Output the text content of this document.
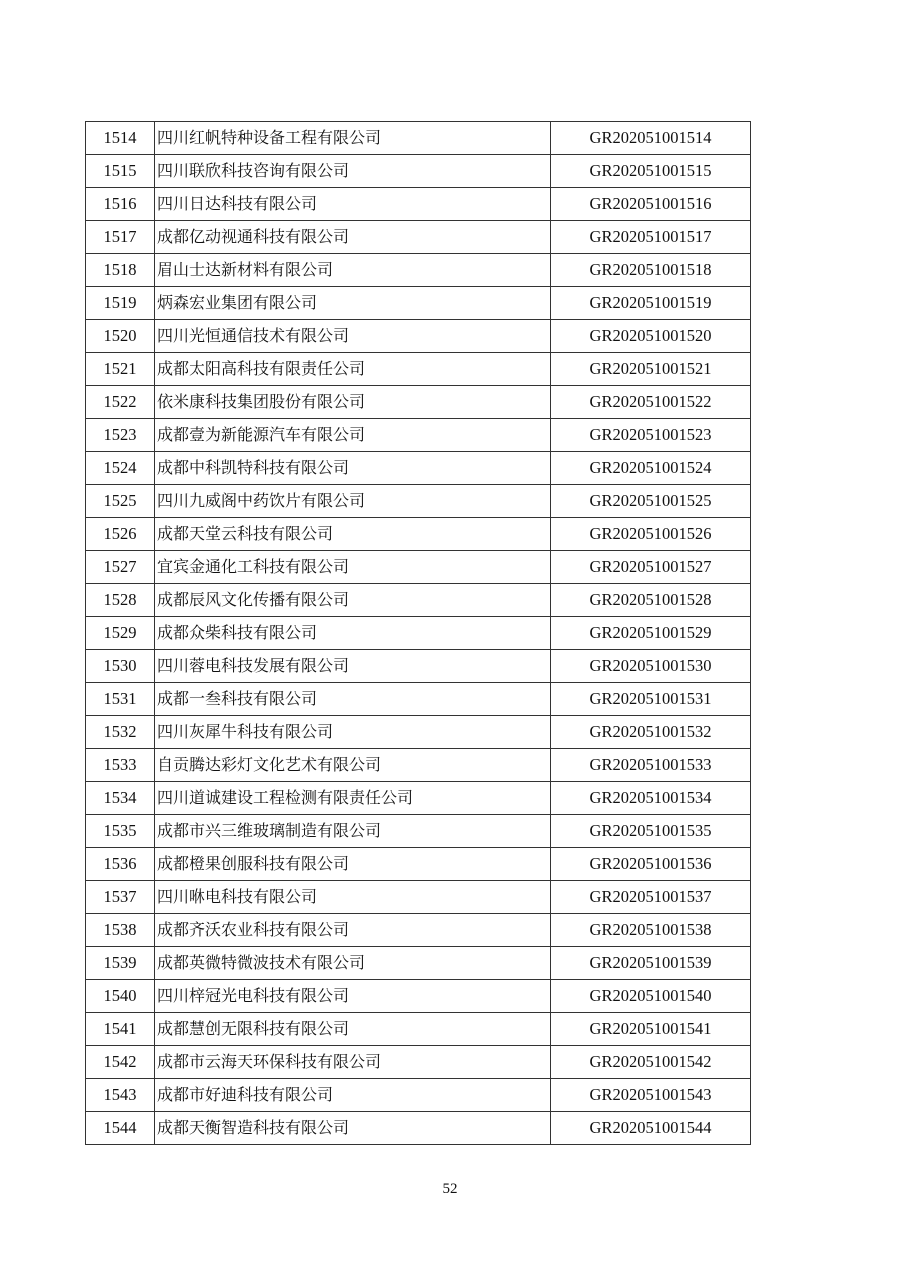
1514	四川红帆特种设备工程有限公司	GR202051001514
1515	四川联欣科技咨询有限公司	GR202051001515
1516	四川日达科技有限公司	GR202051001516
1517	成都亿动视通科技有限公司	GR202051001517
1518	眉山士达新材料有限公司	GR202051001518
1519	炳森宏业集团有限公司	GR202051001519
1520	四川光恒通信技术有限公司	GR202051001520
1521	成都太阳高科技有限责任公司	GR202051001521
1522	依米康科技集团股份有限公司	GR202051001522
1523	成都壹为新能源汽车有限公司	GR202051001523
1524	成都中科凯特科技有限公司	GR202051001524
1525	四川九威阁中药饮片有限公司	GR202051001525
1526	成都天堂云科技有限公司	GR202051001526
1527	宜宾金通化工科技有限公司	GR202051001527
1528	成都辰风文化传播有限公司	GR202051001528
1529	成都众柴科技有限公司	GR202051001529
1530	四川蓉电科技发展有限公司	GR202051001530
1531	成都一叁科技有限公司	GR202051001531
1532	四川灰犀牛科技有限公司	GR202051001532
1533	自贡腾达彩灯文化艺术有限公司	GR202051001533
1534	四川道诚建设工程检测有限责任公司	GR202051001534
1535	成都市兴三维玻璃制造有限公司	GR202051001535
1536	成都橙果创服科技有限公司	GR202051001536
1537	四川咻电科技有限公司	GR202051001537
1538	成都齐沃农业科技有限公司	GR202051001538
1539	成都英微特微波技术有限公司	GR202051001539
1540	四川梓冠光电科技有限公司	GR202051001540
1541	成都慧创无限科技有限公司	GR202051001541
1542	成都市云海天环保科技有限公司	GR202051001542
1543	成都市好迪科技有限公司	GR202051001543
1544	成都天衡智造科技有限公司	GR202051001544
52
